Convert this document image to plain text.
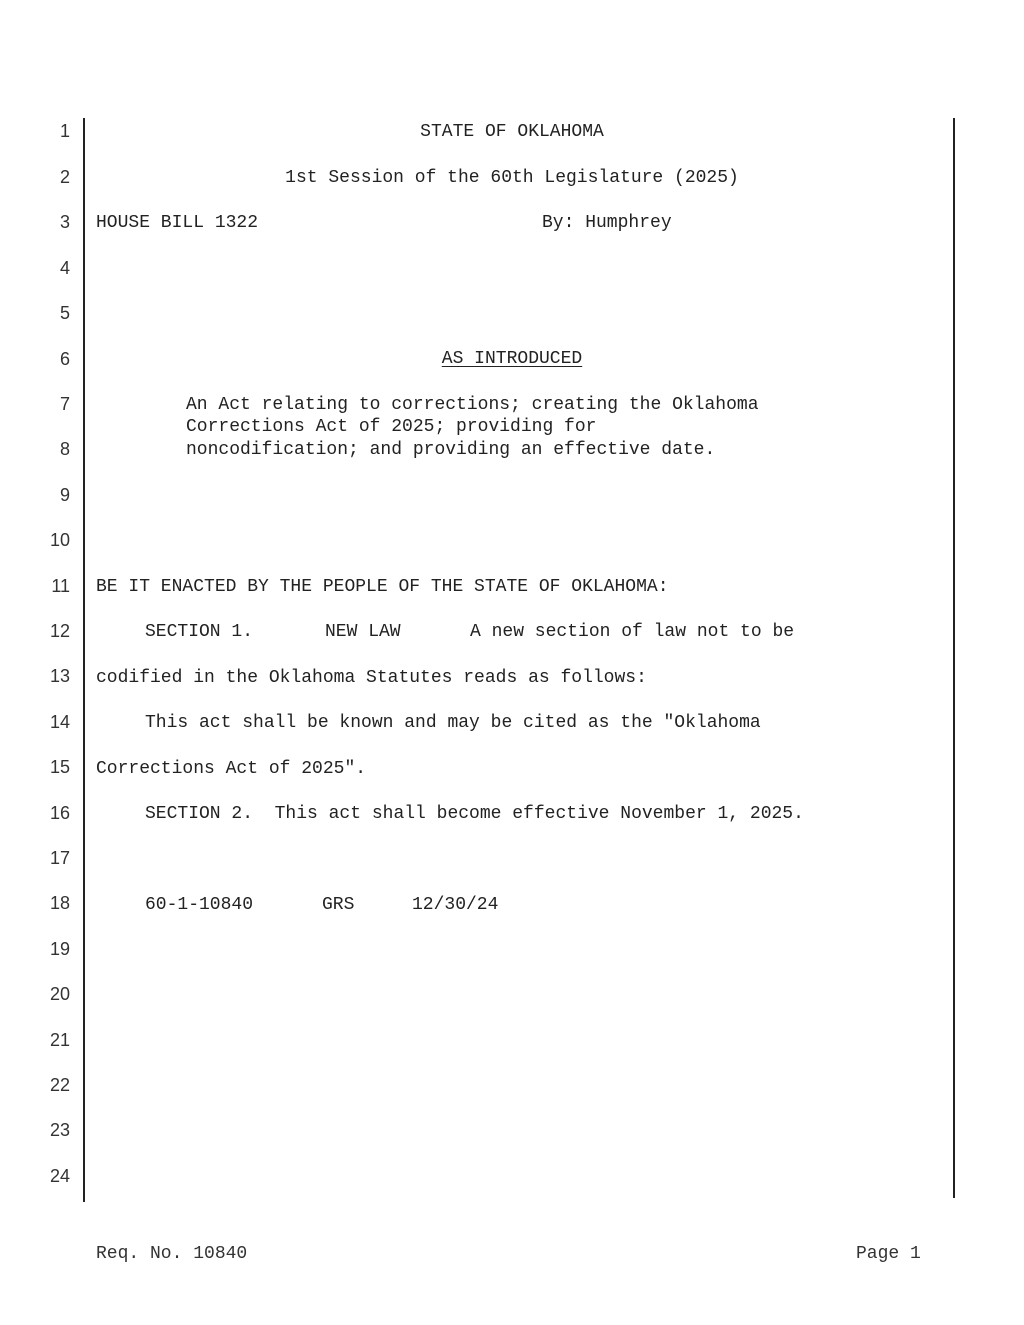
1
2
3
4
5
6
7
8
9
10
11
12
13
14
15
16
17
18
19
20
21
22
23
24
STATE OF OKLAHOMA
1st Session of the 60th Legislature (2025)
HOUSE BILL 1322	By: Humphrey
AS INTRODUCED
An Act relating to corrections; creating the Oklahoma
Corrections Act of 2025; providing for
noncodification; and providing an effective date.
BE IT ENACTED BY THE PEOPLE OF THE STATE OF OKLAHOMA:
SECTION 1.	NEW LAW	A new section of law not to be
codified in the Oklahoma Statutes reads as follows:
This act shall be known and may be cited as the "Oklahoma
Corrections Act of 2025".
SECTION 2.  This act shall become effective November 1, 2025.
60-1-10840	GRS	12/30/24
Req. No. 10840	Page 1
